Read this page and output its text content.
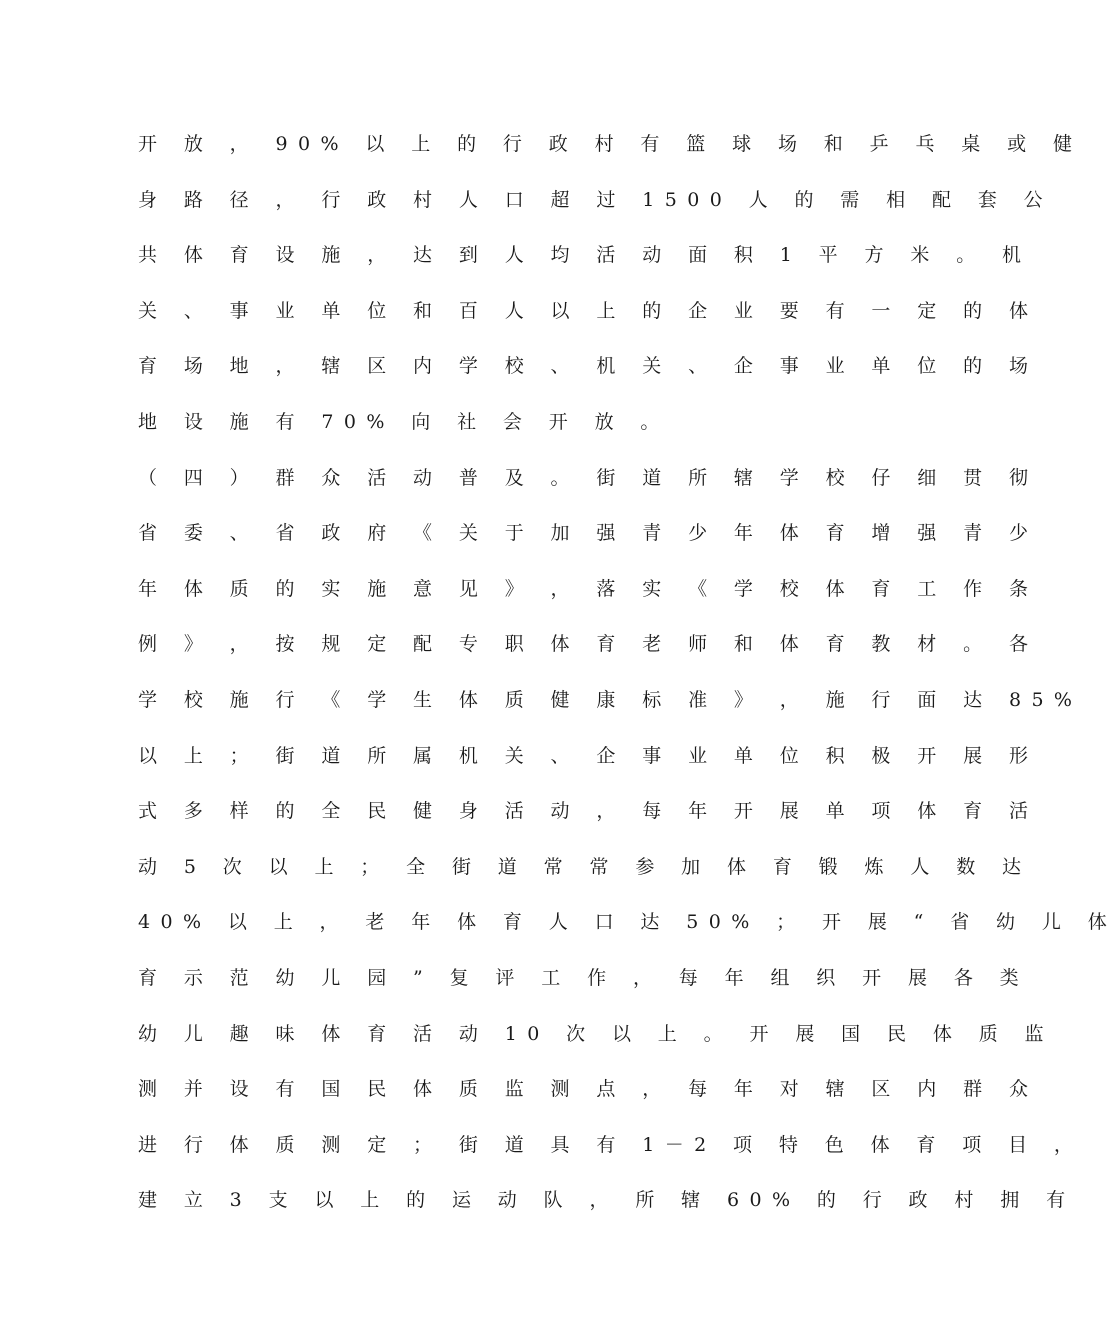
开 放 ， 90% 以 上 的 行 政 村 有 篮 球 场 和 乒 乓 桌 或 健
身 路 径 ， 行 政 村 人 口 超 过 1500 人 的 需 相 配 套 公
共 体 育 设 施 ， 达 到 人 均 活 动 面 积 1 平 方 米 。 机
关 、 事 业 单 位 和 百 人 以 上 的 企 业 要 有 一 定 的 体
育 场 地 ， 辖 区 内 学 校 、 机 关 、 企 事 业 单 位 的 场
地 设 施 有 70% 向 社 会 开 放 。
（ 四 ） 群 众 活 动 普 及 。 街 道 所 辖 学 校 仔 细 贯 彻
省 委 、 省 政 府 《 关 于 加 强 青 少 年 体 育 增 强 青 少
年 体 质 的 实 施 意 见 》 ， 落 实 《 学 校 体 育 工 作 条
例 》 ， 按 规 定 配 专 职 体 育 老 师 和 体 育 教 材 。 各
学 校 施 行 《 学 生 体 质 健 康 标 准 》 ， 施 行 面 达 85%
以 上 ； 街 道 所 属 机 关 、 企 事 业 单 位 积 极 开 展 形
式 多 样 的 全 民 健 身 活 动 ， 每 年 开 展 单 项 体 育 活
动 5 次 以 上 ； 全 街 道 常 常 参 加 体 育 锻 炼 人 数 达
40% 以 上 ， 老 年 体 育 人 口 达 50% ； 开 展 “ 省 幼 儿 体
育 示 范 幼 儿 园 ” 复 评 工 作 ， 每 年 组 织 开 展 各 类
幼 儿 趣 味 体 育 活 动 10 次 以 上 。 开 展 国 民 体 质 监
测 并 设 有 国 民 体 质 监 测 点 ， 每 年 对 辖 区 内 群 众
进 行 体 质 测 定 ； 街 道 具 有 1－2 项 特 色 体 育 项 目 ，
建 立 3 支 以 上 的 运 动 队 ， 所 辖 60% 的 行 政 村 拥 有
